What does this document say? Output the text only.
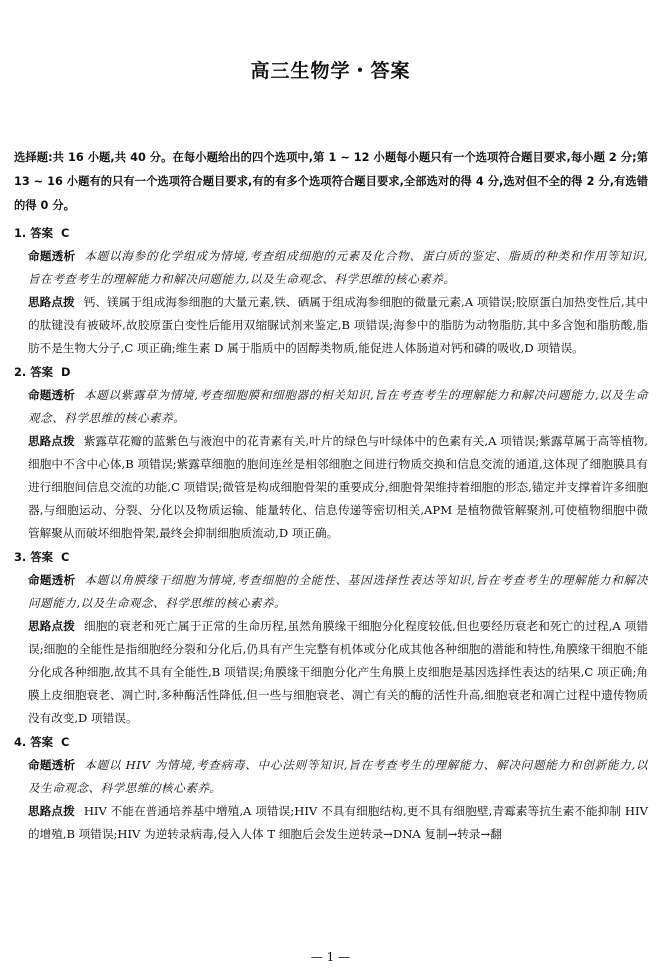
高三生物学・答案

选择题:共 16 小题,共 40 分。在每小题给出的四个选项中,第 1 ~ 12 小题每小题只有一个选项符合题目要求,每小题 2 分;第 13 ~ 16 小题有的只有一个选项符合题目要求,有的有多个选项符合题目要求,全部选对的得 4 分,选对但不全的得 2 分,有选错的得 0 分。

1. 答案 C

命题透析 本题以海参的化学组成为情境,考查组成细胞的元素及化合物、蛋白质的鉴定、脂质的种类和作用等知识,旨在考查考生的理解能力和解决问题能力,以及生命观念、科学思维的核心素养。

思路点拨 钙、镁属于组成海参细胞的大量元素,铁、硒属于组成海参细胞的微量元素,A 项错误;胶原蛋白加热变性后,其中的肽键没有被破坏,故胶原蛋白变性后能用双缩脲试剂来鉴定,B 项错误;海参中的脂肪为动物脂肪,其中多含饱和脂肪酸,脂肪不是生物大分子,C 项正确;维生素 D 属于脂质中的固醇类物质,能促进人体肠道对钙和磷的吸收,D 项错误。

2. 答案 D

命题透析 本题以紫露草为情境,考查细胞膜和细胞器的相关知识,旨在考查考生的理解能力和解决问题能力,以及生命观念、科学思维的核心素养。

思路点拨 紫露草花瓣的蓝紫色与液泡中的花青素有关,叶片的绿色与叶绿体中的色素有关,A 项错误;紫露草属于高等植物,细胞中不含中心体,B 项错误;紫露草细胞的胞间连丝是相邻细胞之间进行物质交换和信息交流的通道,这体现了细胞膜具有进行细胞间信息交流的功能,C 项错误;微管是构成细胞骨架的重要成分,细胞骨架维持着细胞的形态,锚定并支撑着许多细胞器,与细胞运动、分裂、分化以及物质运输、能量转化、信息传递等密切相关,APM 是植物微管解聚剂,可使植物细胞中微管解聚从而破坏细胞骨架,最终会抑制细胞质流动,D 项正确。

3. 答案 C

命题透析 本题以角膜缘干细胞为情境,考查细胞的全能性、基因选择性表达等知识,旨在考查考生的理解能力和解决问题能力,以及生命观念、科学思维的核心素养。

思路点拨 细胞的衰老和死亡属于正常的生命历程,虽然角膜缘干细胞分化程度较低,但也要经历衰老和死亡的过程,A 项错误;细胞的全能性是指细胞经分裂和分化后,仍具有产生完整有机体或分化成其他各种细胞的潜能和特性,角膜缘干细胞不能分化成各种细胞,故其不具有全能性,B 项错误;角膜缘干细胞分化产生角膜上皮细胞是基因选择性表达的结果,C 项正确;角膜上皮细胞衰老、凋亡时,多种酶活性降低,但一些与细胞衰老、凋亡有关的酶的活性升高,细胞衰老和凋亡过程中遗传物质没有改变,D 项错误。

4. 答案 C

命题透析 本题以 HIV 为情境,考查病毒、中心法则等知识,旨在考查考生的理解能力、解决问题能力和创新能力,以及生命观念、科学思维的核心素养。

思路点拨 HIV 不能在普通培养基中增殖,A 项错误;HIV 不具有细胞结构,更不具有细胞壁,青霉素等抗生素不能抑制 HIV 的增殖,B 项错误;HIV 为逆转录病毒,侵入人体 T 细胞后会发生逆转录→DNA 复制→转录→翻

— 1 —
